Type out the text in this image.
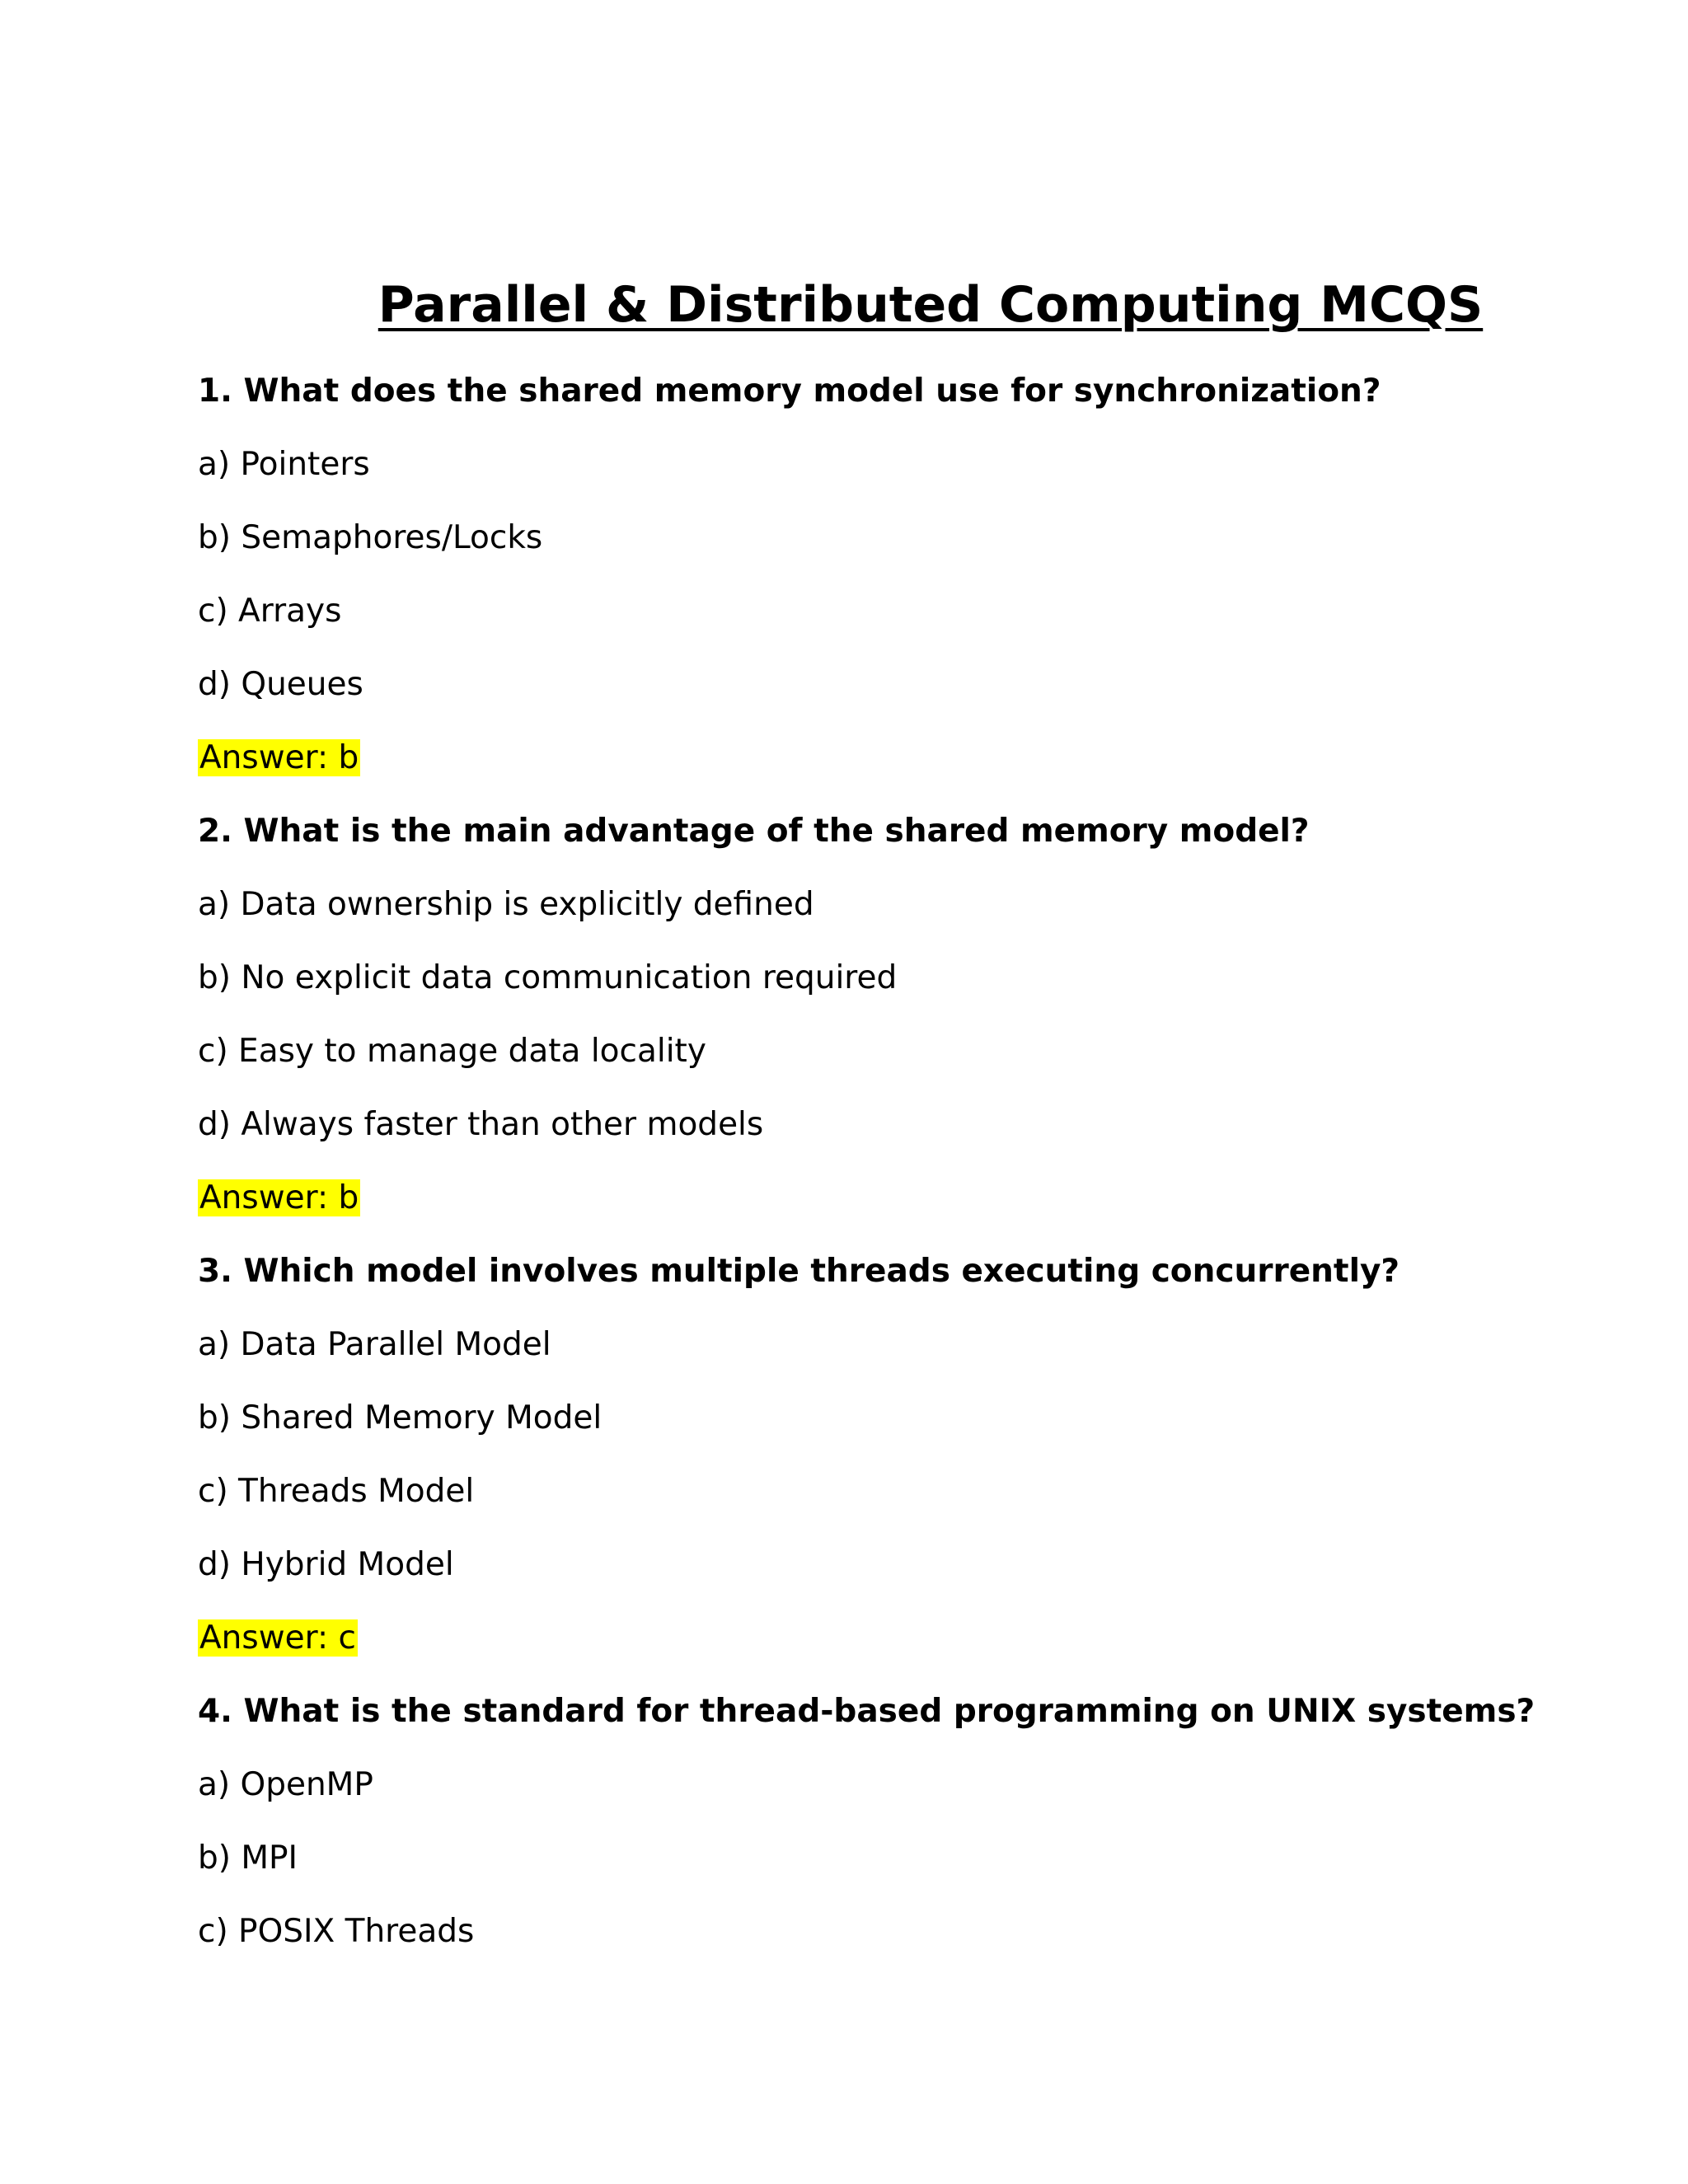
Parallel & Distributed Computing MCQS
1. What does the shared memory model use for synchronization?
a) Pointers
b) Semaphores/Locks
c) Arrays
d) Queues
Answer: b
2. What is the main advantage of the shared memory model?
a) Data ownership is explicitly defined
b) No explicit data communication required
c) Easy to manage data locality
d) Always faster than other models
Answer: b
3. Which model involves multiple threads executing concurrently?
a) Data Parallel Model
b) Shared Memory Model
c) Threads Model
d) Hybrid Model
Answer: c
4. What is the standard for thread-based programming on UNIX systems?
a) OpenMP
b) MPI
c) POSIX Threads
